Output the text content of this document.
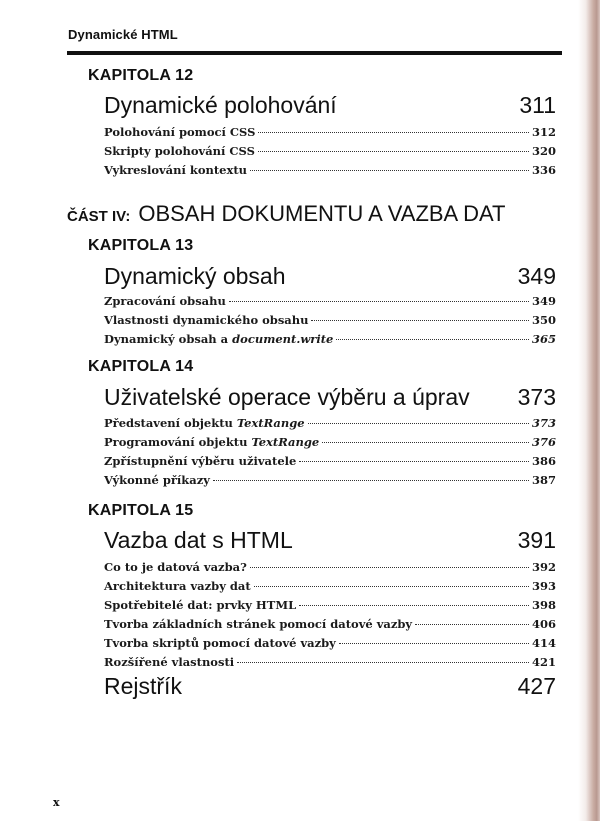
Dynamické HTML
KAPITOLA 12
Dynamické polohování	311
Polohování pomocí CSS	312
Skripty polohování CSS	320
Vykreslování kontextu	336
ČÁST IV: OBSAH DOKUMENTU A VAZBA DAT
KAPITOLA 13
Dynamický obsah	349
Zpracování obsahu	349
Vlastnosti dynamického obsahu	350
Dynamický obsah a document.write	365
KAPITOLA 14
Uživatelské operace výběru a úprav 373
Představení objektu TextRange	373
Programování objektu TextRange	376
Zpřístupnění výběru uživatele	386
Výkonné příkazy	387
KAPITOLA 15
Vazba dat s HTML	391
Co to je datová vazba?	392
Architektura vazby dat	393
Spotřebitelé dat: prvky HTML	398
Tvorba základních stránek pomocí datové vazby	406
Tvorba skriptů pomocí datové vazby	414
Rozšířené vlastnosti	421
Rejstřík	427
x
